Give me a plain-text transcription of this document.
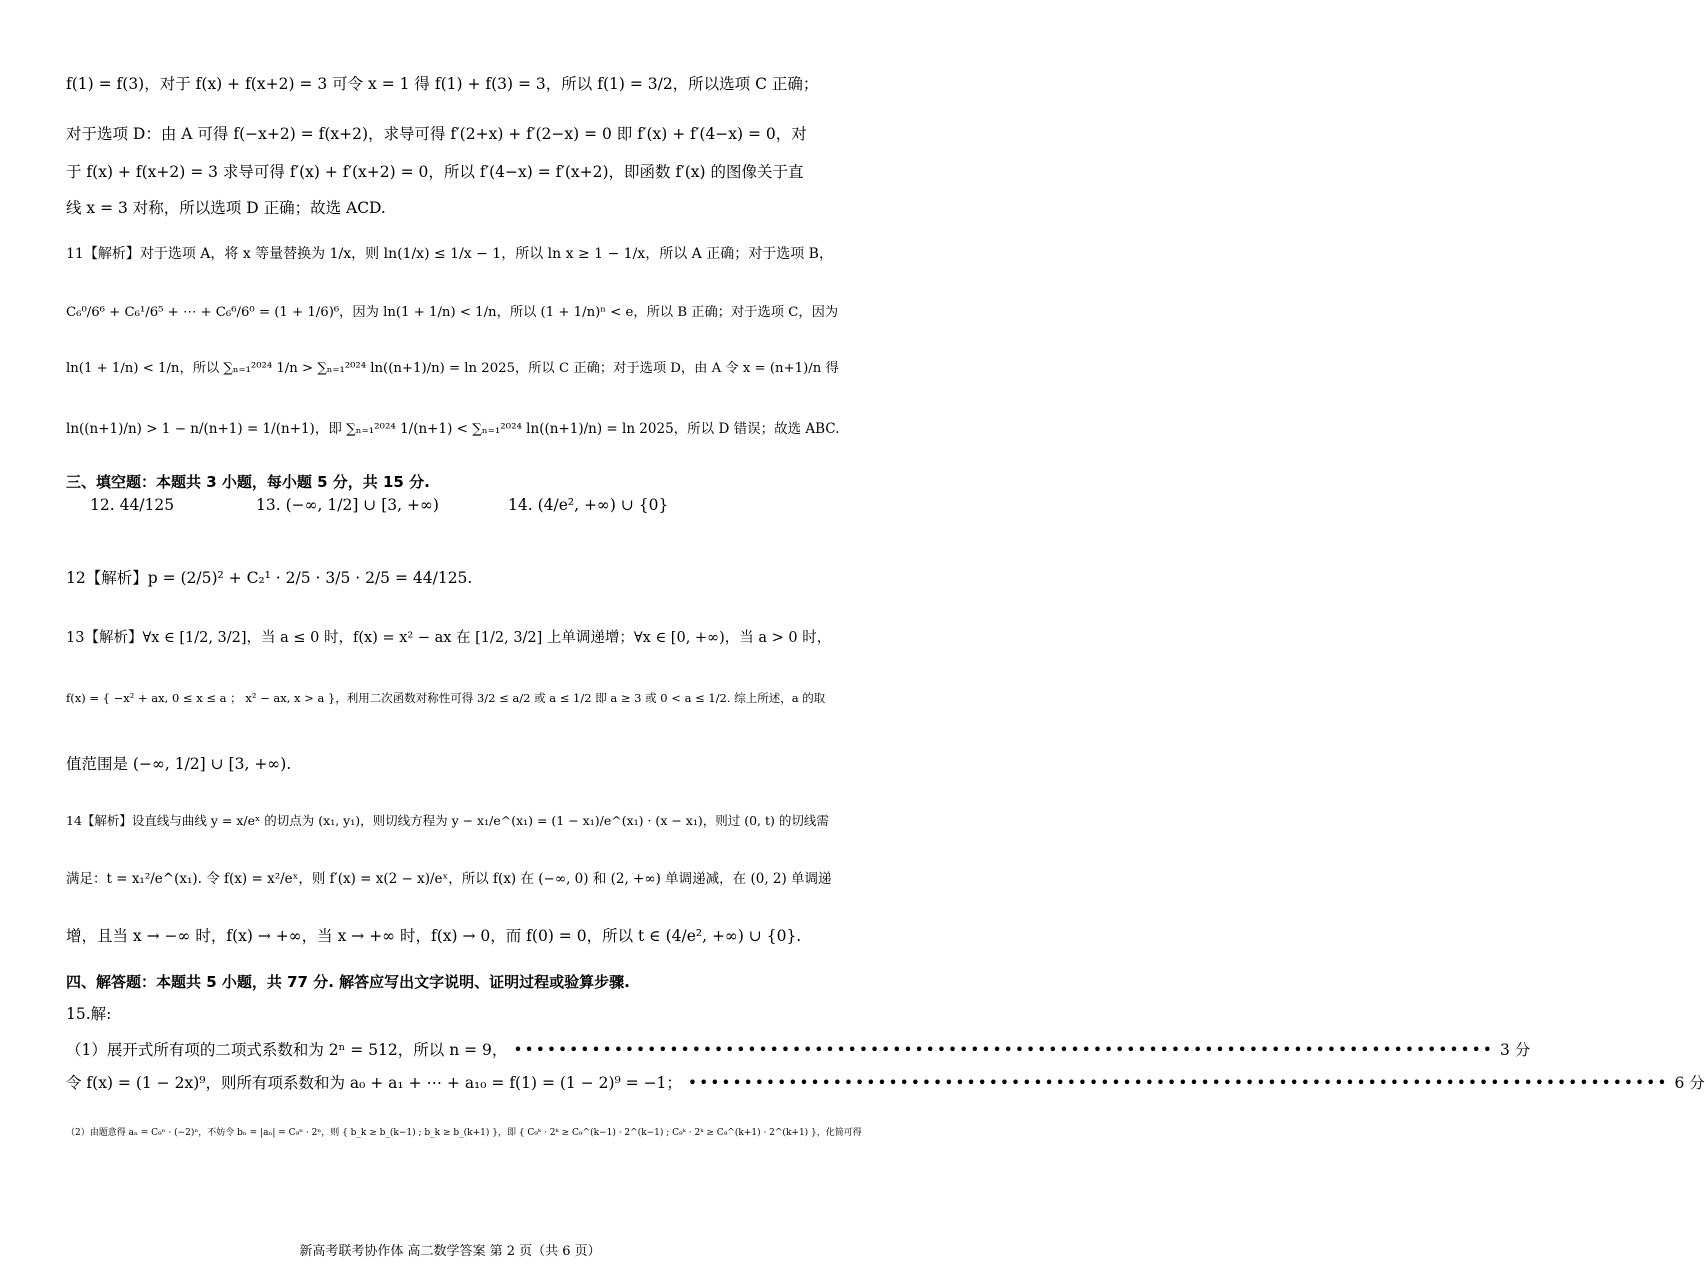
f(1) = f(3)，对于 f(x) + f(x+2) = 3 可令 x = 1 得 f(1) + f(3) = 3，所以 f(1) = 3/2，所以选项 C 正确；
对于选项 D：由 A 可得 f(−x+2) = f(x+2)，求导可得 f′(2+x) + f′(2−x) = 0 即 f′(x) + f′(4−x) = 0，对
于 f(x) + f(x+2) = 3 求导可得 f′(x) + f′(x+2) = 0，所以 f′(4−x) = f′(x+2)，即函数 f′(x) 的图像关于直
线 x = 3 对称，所以选项 D 正确；故选 ACD.
11【解析】对于选项 A，将 x 等量替换为 1/x，则 ln(1/x) ≤ 1/x − 1，所以 ln x ≥ 1 − 1/x，所以 A 正确；对于选项 B，
C₆⁰/6⁶ + C₆¹/6⁵ + ⋯ + C₆⁶/6⁰ = (1 + 1/6)⁶，因为 ln(1 + 1/n) < 1/n，所以 (1 + 1/n)ⁿ < e，所以 B 正确；对于选项 C，因为
ln(1 + 1/n) < 1/n，所以 ∑ₙ₌₁²⁰²⁴ 1/n > ∑ₙ₌₁²⁰²⁴ ln((n+1)/n) = ln 2025，所以 C 正确；对于选项 D，由 A 令 x = (n+1)/n 得
ln((n+1)/n) > 1 − n/(n+1) = 1/(n+1)，即 ∑ₙ₌₁²⁰²⁴ 1/(n+1) < ∑ₙ₌₁²⁰²⁴ ln((n+1)/n) = ln 2025，所以 D 错误；故选 ABC.
三、填空题：本题共 3 小题，每小题 5 分，共 15 分.
12. 44/125	13. (−∞, 1/2] ∪ [3, +∞)	14. (4/e², +∞) ∪ {0}
12【解析】p = (2/5)² + C₂¹ · 2/5 · 3/5 · 2/5 = 44/125.
13【解析】∀x ∈ [1/2, 3/2]，当 a ≤ 0 时，f(x) = x² − ax 在 [1/2, 3/2] 上单调递增；∀x ∈ [0, +∞)，当 a > 0 时，
f(x) = { −x² + ax, 0 ≤ x ≤ a ； x² − ax, x > a }，利用二次函数对称性可得 3/2 ≤ a/2 或 a ≤ 1/2 即 a ≥ 3 或 0 < a ≤ 1/2. 综上所述，a 的取
值范围是 (−∞, 1/2] ∪ [3, +∞).
14【解析】设直线与曲线 y = x/eˣ 的切点为 (x₁, y₁)，则切线方程为 y − x₁/e^(x₁) = (1 − x₁)/e^(x₁) · (x − x₁)，则过 (0, t) 的切线需
满足：t = x₁²/e^(x₁). 令 f(x) = x²/eˣ，则 f′(x) = x(2 − x)/eˣ，所以 f(x) 在 (−∞, 0) 和 (2, +∞) 单调递减，在 (0, 2) 单调递
增，且当 x → −∞ 时，f(x) → +∞，当 x → +∞ 时，f(x) → 0，而 f(0) = 0，所以 t ∈ (4/e², +∞) ∪ {0}.
四、解答题：本题共 5 小题，共 77 分. 解答应写出文字说明、证明过程或验算步骤.
15.解:
（1）展开式所有项的二项式系数和为 2ⁿ = 512，所以 n = 9， •••••••••••••••••••••••••••••••••••••••••••••••••••••••••••••••••••••••••••••••••••••••• 3 分
令 f(x) = (1 − 2x)⁹，则所有项系数和为 a₀ + a₁ + ⋯ + a₁₀ = f(1) = (1 − 2)⁹ = −1； •••••••••••••••••••••••••••••••••••••••••••••••••••••••••••••••••••••••••••••••••••••••• 6 分
（2）由题意得 aₙ = C₉ⁿ · (−2)ⁿ，不妨令 bₙ = |aₙ| = C₉ⁿ · 2ⁿ，则 { b_k ≥ b_(k−1) ; b_k ≥ b_(k+1) }，即 { C₉ᵏ · 2ᵏ ≥ C₉^(k−1) · 2^(k−1) ; C₉ᵏ · 2ᵏ ≥ C₉^(k+1) · 2^(k+1) }，化简可得
新高考联考协作体 高二数学答案 第 2 页（共 6 页）
